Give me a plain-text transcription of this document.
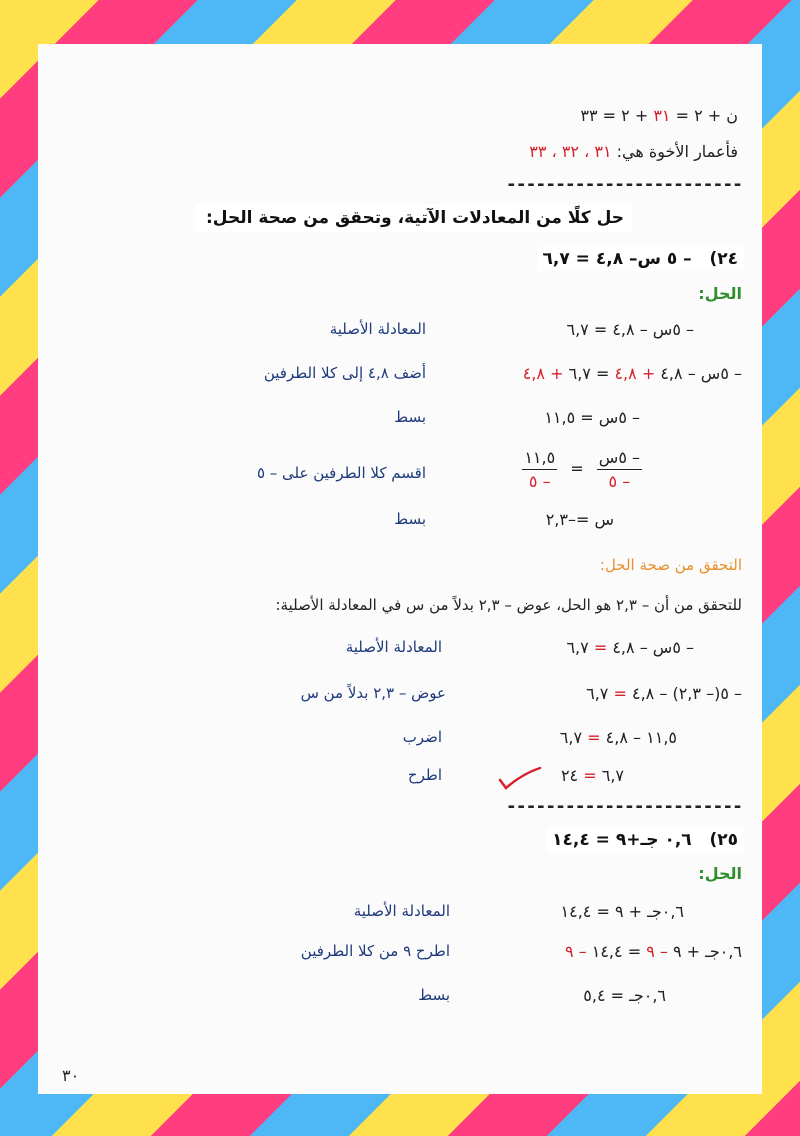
ن + ٢ = ٣١ + ٢ = ٣٣
فأعمار الأخوة هي: ٣١ ، ٣٢ ، ٣٣
------------------------
حل كلًا من المعادلات الآتية، وتحقق من صحة الحل:
٢٤)   – ٥ س– ٤,٨ = ٦,٧
الحل:
– ٥س – ٤,٨ = ٦,٧
المعادلة الأصلية
– ٥س – ٤,٨ + ٤,٨ = ٦,٧ + ٤,٨
أضف ٤,٨ إلى كلا الطرفين
– ٥س = ١١,٥
بسط
$\frac{\text{– ٥س}}{- ٥}$
=
$\frac{١١,٥}{- ٥}$
اقسم كلا الطرفين على – ٥
س =–٢,٣
بسط
التحقق من صحة الحل:
للتحقق من أن – ٢,٣ هو الحل، عوض – ٢,٣ بدلاً من س في المعادلة الأصلية:
– ٥س – ٤,٨ = ٦,٧
المعادلة الأصلية
– ٥(– ٢,٣) – ٤,٨ = ٦,٧
عوض – ٢,٣ بدلاً من س
١١,٥ – ٤,٨ = ٦,٧
اضرب
٦,٧ = ٢٤
اطرح
------------------------
٢٥)   ٠,٦ جـ+٩ = ١٤,٤
الحل:
٠,٦جـ + ٩ = ١٤,٤
المعادلة الأصلية
٠,٦جـ + ٩ – ٩ = ١٤,٤ – ٩
اطرح ٩ من كلا الطرفين
٠,٦جـ = ٥,٤
بسط
٣٠
